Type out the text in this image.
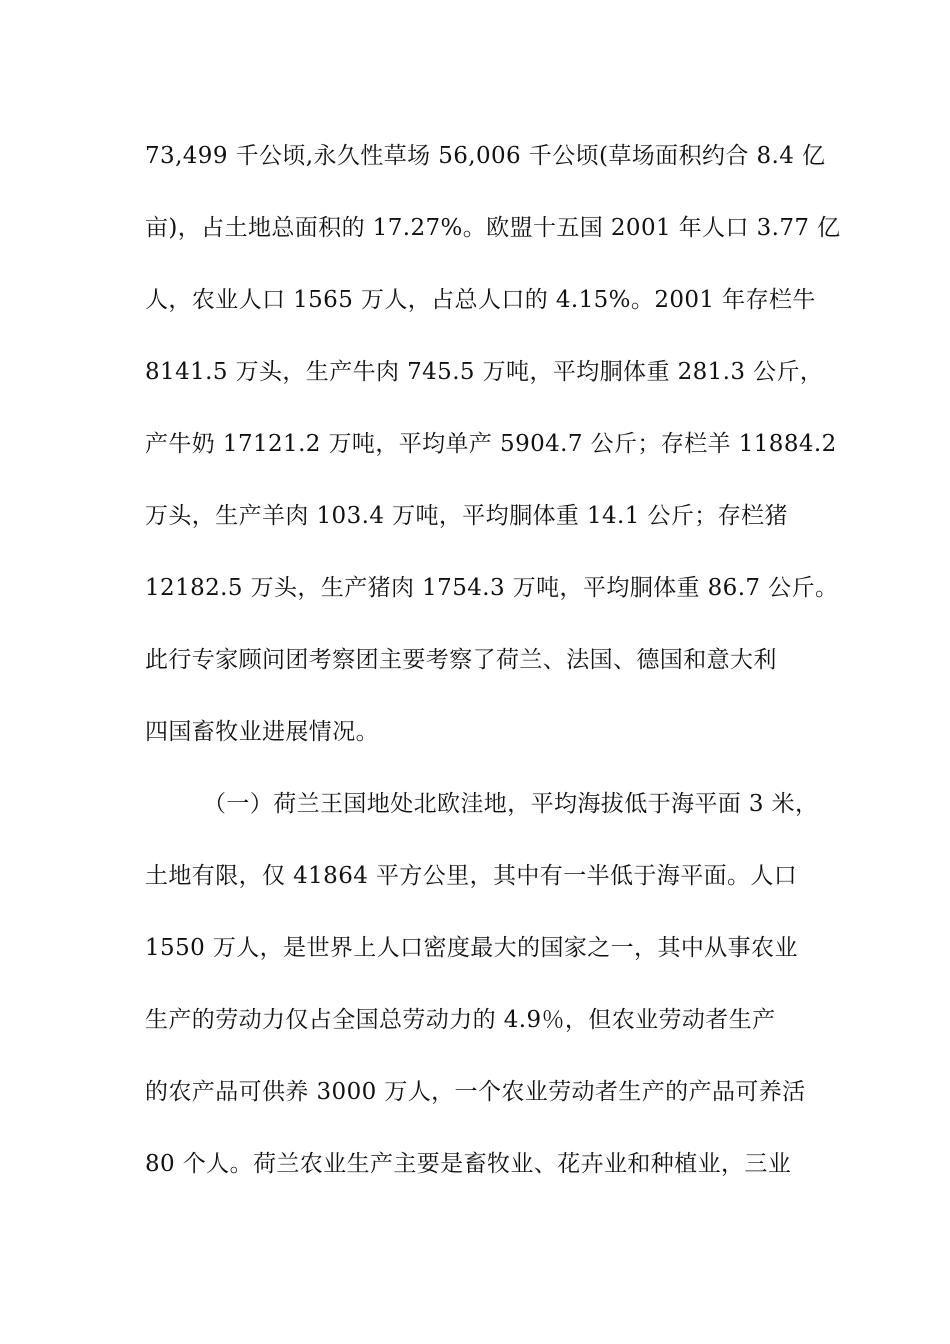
73,499 千公顷,永久性草场 56,006 千公顷(草场面积约合 8.4 亿
亩)，占土地总面积的 17.27%。欧盟十五国 2001 年人口 3.77 亿
人，农业人口 1565 万人，占总人口的 4.15%。2001 年存栏牛
8141.5 万头，生产牛肉 745.5 万吨，平均胴体重 281.3 公斤，
产牛奶 17121.2 万吨，平均单产 5904.7 公斤；存栏羊 11884.2
万头，生产羊肉 103.4 万吨，平均胴体重 14.1 公斤；存栏猪
12182.5 万头，生产猪肉 1754.3 万吨，平均胴体重 86.7 公斤。
此行专家顾问团考察团主要考察了荷兰、法国、德国和意大利
四国畜牧业进展情况。
（一）荷兰王国地处北欧洼地，平均海拔低于海平面 3 米，
土地有限，仅 41864 平方公里，其中有一半低于海平面。人口
1550 万人，是世界上人口密度最大的国家之一，其中从事农业
生产的劳动力仅占全国总劳动力的 4.9％，但农业劳动者生产
的农产品可供养 3000 万人，一个农业劳动者生产的产品可养活
80 个人。荷兰农业生产主要是畜牧业、花卉业和种植业，三业
